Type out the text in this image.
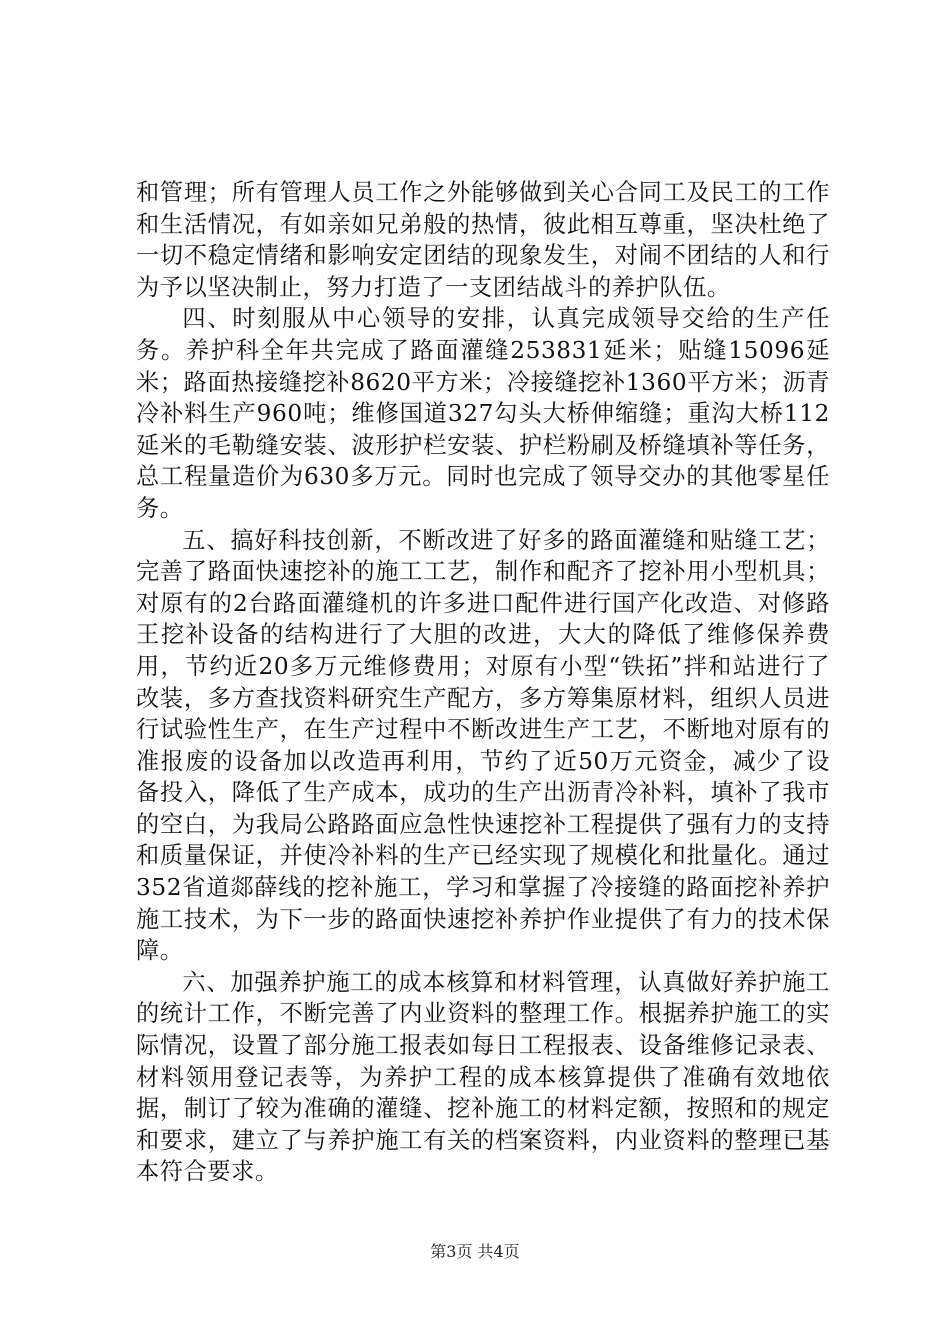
和管理；所有管理人员工作之外能够做到关心合同工及民工的工作和生活情况，有如亲如兄弟般的热情，彼此相互尊重，坚决杜绝了一切不稳定情绪和影响安定团结的现象发生，对闹不团结的人和行为予以坚决制止，努力打造了一支团结战斗的养护队伍。

四、时刻服从中心领导的安排，认真完成领导交给的生产任务。养护科全年共完成了路面灌缝253831延米；贴缝15096延米；路面热接缝挖补8620平方米；冷接缝挖补1360平方米；沥青冷补料生产960吨；维修国道327勾头大桥伸缩缝；重沟大桥112延米的毛勒缝安装、波形护栏安装、护栏粉刷及桥缝填补等任务，总工程量造价为630多万元。同时也完成了领导交办的其他零星任务。

五、搞好科技创新，不断改进了好多的路面灌缝和贴缝工艺；完善了路面快速挖补的施工工艺，制作和配齐了挖补用小型机具；对原有的2台路面灌缝机的许多进口配件进行国产化改造、对修路王挖补设备的结构进行了大胆的改进，大大的降低了维修保养费用，节约近20多万元维修费用；对原有小型“铁拓”拌和站进行了改装，多方查找资料研究生产配方，多方筹集原材料，组织人员进行试验性生产，在生产过程中不断改进生产工艺，不断地对原有的准报废的设备加以改造再利用，节约了近50万元资金，减少了设备投入，降低了生产成本，成功的生产出沥青冷补料，填补了我市的空白，为我局公路路面应急性快速挖补工程提供了强有力的支持和质量保证，并使冷补料的生产已经实现了规模化和批量化。通过352省道郯薛线的挖补施工，学习和掌握了冷接缝的路面挖补养护施工技术，为下一步的路面快速挖补养护作业提供了有力的技术保障。

六、加强养护施工的成本核算和材料管理，认真做好养护施工的统计工作，不断完善了内业资料的整理工作。根据养护施工的实际情况，设置了部分施工报表如每日工程报表、设备维修记录表、材料领用登记表等，为养护工程的成本核算提供了准确有效地依据，制订了较为准确的灌缝、挖补施工的材料定额，按照和的规定和要求，建立了与养护施工有关的档案资料，内业资料的整理已基本符合要求。

第3页 共4页
